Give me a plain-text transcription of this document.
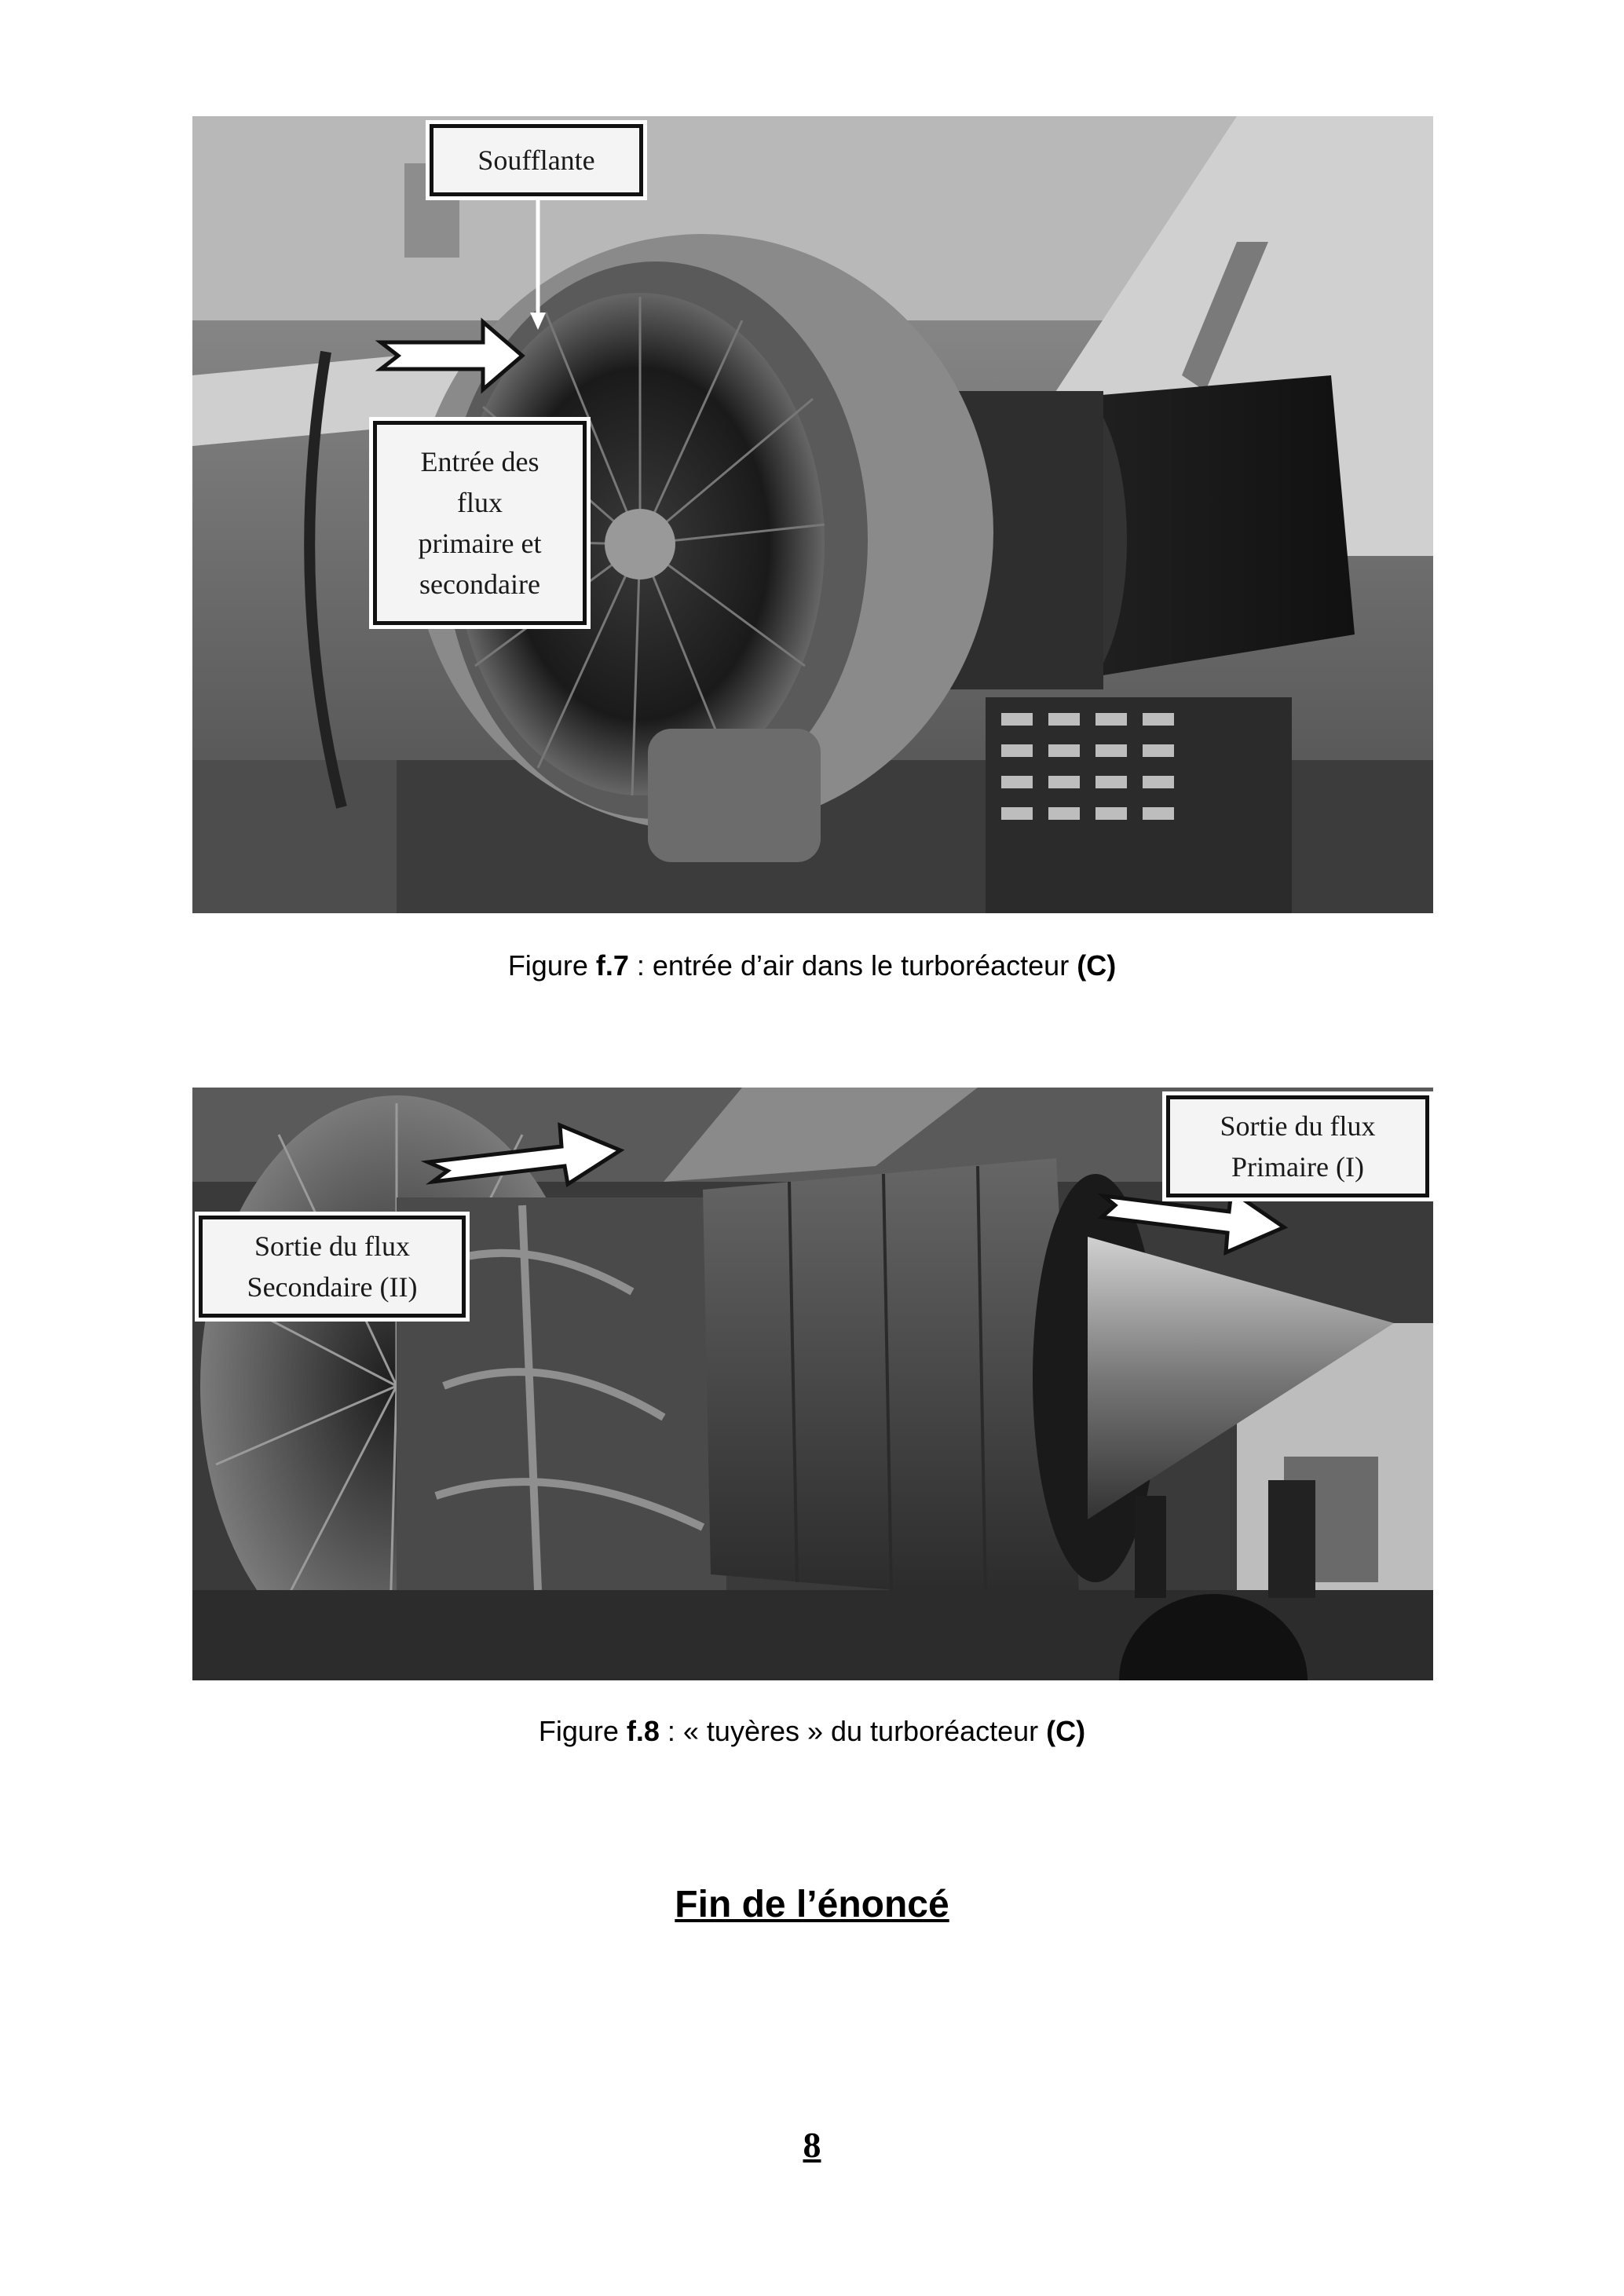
Soufflante
Entrée des
flux
primaire et
secondaire
Figure f.7 : entrée d’air dans le turboréacteur (C)
Sortie du flux
Primaire (I)
Sortie du flux
Secondaire (II)
Figure f.8 : « tuyères » du turboréacteur (C)
Fin de l’énoncé
8
